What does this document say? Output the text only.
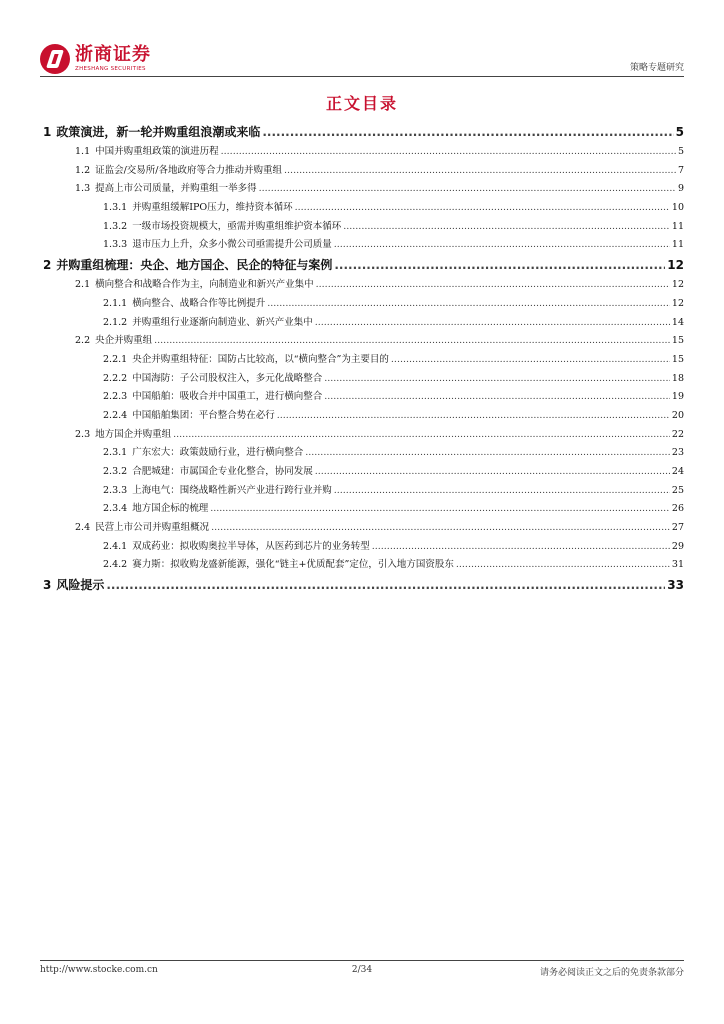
浙商证券
ZHESHANG SECURITIES	策略专题研究
正文目录
1 政策演进，新一轮并购重组浪潮或来临 .....	5
1.1 中国并购重组政策的演进历程 .....	5
1.2 证监会/交易所/各地政府等合力推动并购重组 .....	7
1.3 提高上市公司质量，并购重组一举多得 .....	9
1.3.1 并购重组缓解IPO压力，维持资本循环 .....	10
1.3.2 一级市场投资规模大，亟需并购重组维护资本循环 .....	11
1.3.3 退市压力上升，众多小微公司亟需提升公司质量 .....	11
2 并购重组梳理：央企、地方国企、民企的特征与案例 .....	12
2.1 横向整合和战略合作为主，向制造业和新兴产业集中 .....	12
2.1.1 横向整合、战略合作等比例提升 .....	12
2.1.2 并购重组行业逐渐向制造业、新兴产业集中 .....	14
2.2 央企并购重组 .....	15
2.2.1 央企并购重组特征：国防占比较高，以“横向整合”为主要目的 .....	15
2.2.2 中国海防：子公司股权注入，多元化战略整合 .....	18
2.2.3 中国船舶：吸收合并中国重工，进行横向整合 .....	19
2.2.4 中国船舶集团：平台整合势在必行 .....	20
2.3 地方国企并购重组 .....	22
2.3.1 广东宏大：政策鼓励行业，进行横向整合 .....	23
2.3.2 合肥城建：市属国企专业化整合，协同发展 .....	24
2.3.3 上海电气：围绕战略性新兴产业进行跨行业并购 .....	25
2.3.4 地方国企标的梳理 .....	26
2.4 民营上市公司并购重组概况 .....	27
2.4.1 双成药业：拟收购奥拉半导体，从医药到芯片的业务转型 .....	29
2.4.2 赛力斯：拟收购龙盛新能源，强化“链主+优质配套”定位，引入地方国资股东 .....	31
3 风险提示 .....	33
http://www.stocke.com.cn	2/34	请务必阅读正文之后的免责条款部分
